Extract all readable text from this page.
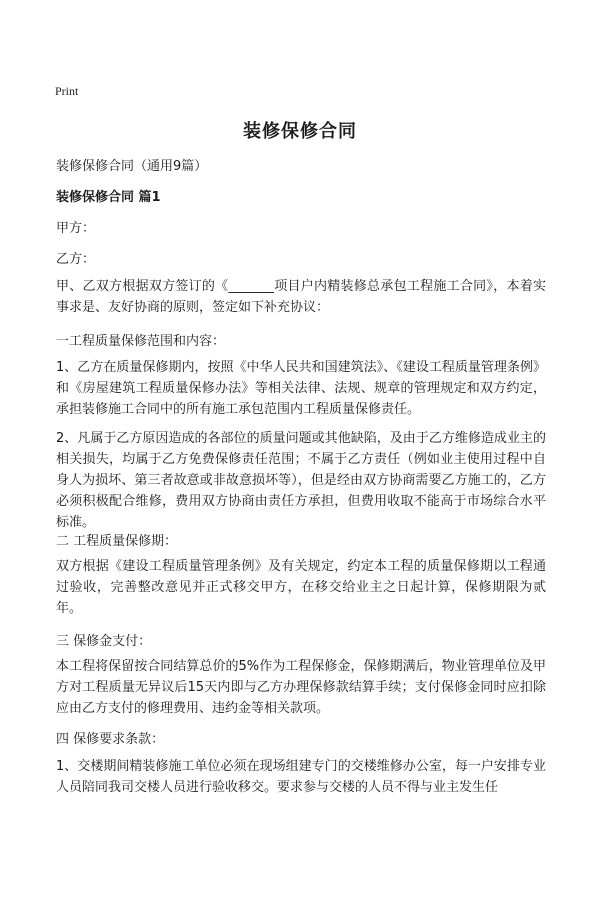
Print
装修保修合同
装修保修合同（通用9篇）
装修保修合同 篇1
甲方：
乙方：
甲、乙双方根据双方签订的《_______项目户内精装修总承包工程施工合同》，本着实事求是、友好协商的原则，签定如下补充协议：
一工程质量保修范围和内容：
1、乙方在质量保修期内，按照《中华人民共和国建筑法》、《建设工程质量管理条例》和《房屋建筑工程质量保修办法》等相关法律、法规、规章的管理规定和双方约定，承担装修施工合同中的所有施工承包范围内工程质量保修责任。
2、凡属于乙方原因造成的各部位的质量问题或其他缺陷，及由于乙方维修造成业主的相关损失，均属于乙方免费保修责任范围；不属于乙方责任（例如业主使用过程中自身人为损坏、第三者故意或非故意损坏等），但是经由双方协商需要乙方施工的，乙方必须积极配合维修，费用双方协商由责任方承担，但费用收取不能高于市场综合水平标准。
二 工程质量保修期：
双方根据《建设工程质量管理条例》及有关规定，约定本工程的质量保修期以工程通过验收，完善整改意见并正式移交甲方，在移交给业主之日起计算，保修期限为贰年。
三 保修金支付：
本工程将保留按合同结算总价的5%作为工程保修金，保修期满后，物业管理单位及甲方对工程质量无异议后15天内即与乙方办理保修款结算手续；支付保修金同时应扣除应由乙方支付的修理费用、违约金等相关款项。
四 保修要求条款：
1、交楼期间精装修施工单位必须在现场组建专门的交楼维修办公室，每一户安排专业人员陪同我司交楼人员进行验收移交。要求参与交楼的人员不得与业主发生任
